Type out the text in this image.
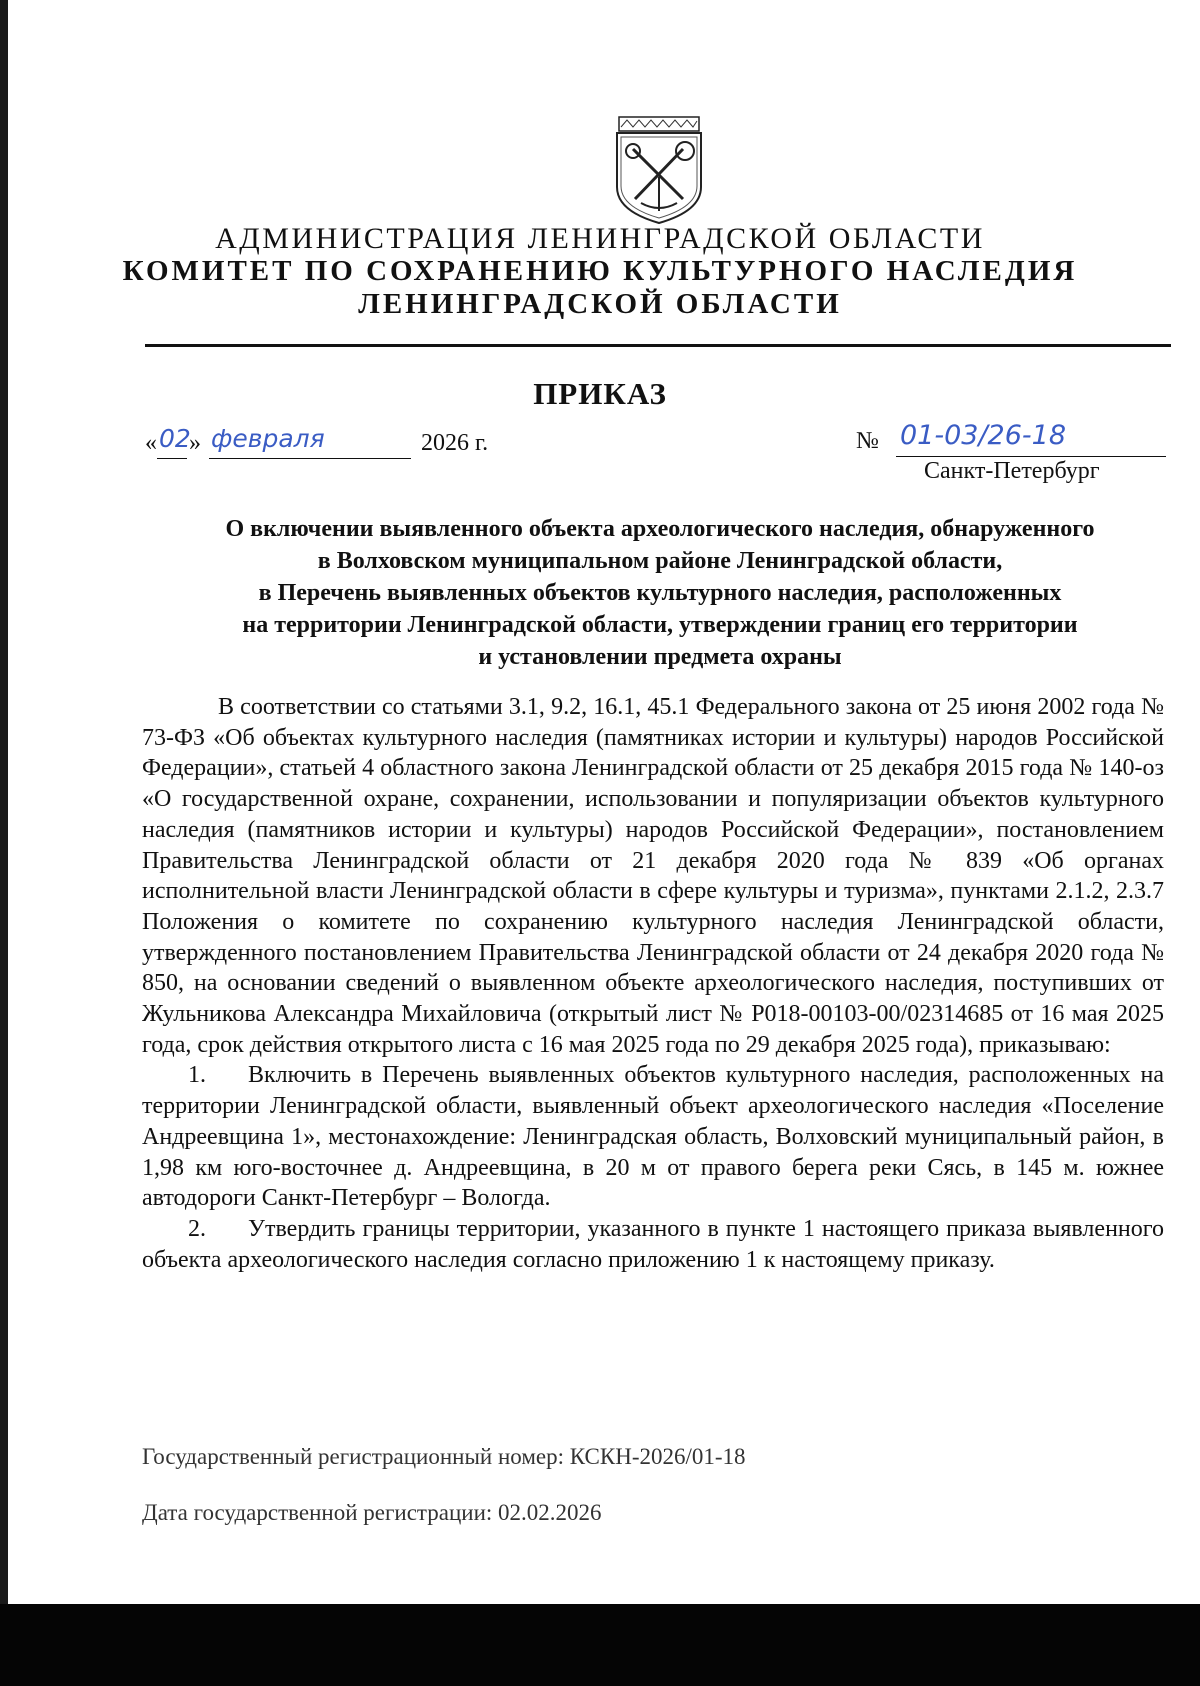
АДМИНИСТРАЦИЯ ЛЕНИНГРАДСКОЙ ОБЛАСТИ
КОМИТЕТ ПО СОХРАНЕНИЮ КУЛЬТУРНОГО НАСЛЕДИЯ
ЛЕНИНГРАДСКОЙ ОБЛАСТИ
ПРИКАЗ
« 02
» февраля	2026 г.	№ 01-03/26-18
Санкт-Петербург
О включении выявленного объекта археологического наследия, обнаруженного
в Волховском муниципальном районе Ленинградской области,
в Перечень выявленных объектов культурного наследия, расположенных
на территории Ленинградской области, утверждении границ его территории
и установлении предмета охраны

В соответствии со статьями 3.1, 9.2, 16.1, 45.1 Федерального закона от 25 июня 2002 года № 73-ФЗ «Об объектах культурного наследия (памятниках истории и культуры) народов Российской Федерации», статьей 4 областного закона Ленинградской области от 25 декабря 2015 года № 140-оз «О государственной охране, сохранении, использовании и популяризации объектов культурного наследия (памятников истории и культуры) народов Российской Федерации», постановлением Правительства Ленинградской области от 21 декабря 2020 года № 839 «Об органах исполнительной власти Ленинградской области в сфере культуры и туризма», пунктами 2.1.2, 2.3.7 Положения о комитете по сохранению культурного наследия Ленинградской области, утвержденного постановлением Правительства Ленинградской области от 24 декабря 2020 года № 850, на основании сведений о выявленном объекте археологического наследия, поступивших от Жульникова Александра Михайловича (открытый лист № Р018-00103-00/02314685 от 16 мая 2025 года, срок действия открытого листа с 16 мая 2025 года по 29 декабря 2025 года), приказываю:

1. Включить в Перечень выявленных объектов культурного наследия, расположенных на территории Ленинградской области, выявленный объект археологического наследия «Поселение Андреевщина 1», местонахождение: Ленинградская область, Волховский муниципальный район, в 1,98 км юго-восточнее д. Андреевщина, в 20 м от правого берега реки Сясь, в 145 м. южнее автодороги Санкт-Петербург – Вологда.

2. Утвердить границы территории, указанного в пункте 1 настоящего приказа выявленного объекта археологического наследия согласно приложению 1 к настоящему приказу.

Государственный регистрационный номер: КСКН-2026/01-18
Дата государственной регистрации: 02.02.2026
